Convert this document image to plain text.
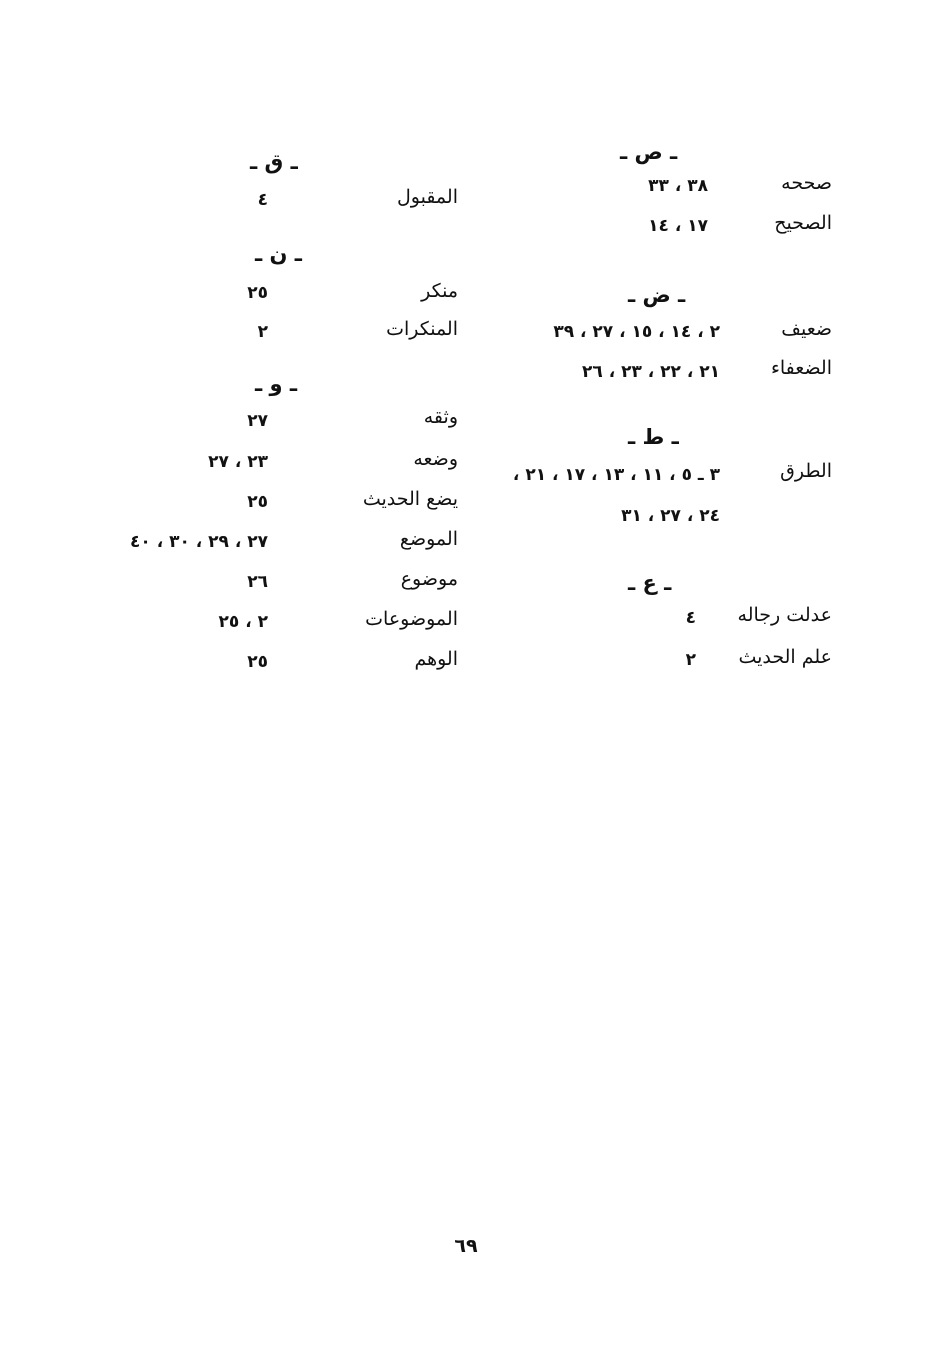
ـ ص ـ
صححه
٣٨ ، ٣٣
الصحيح
١٧ ، ١٤
ـ ض ـ
ضعيف
٢ ، ١٤ ، ١٥ ، ٢٧ ، ٣٩
الضعفاء
٢١ ، ٢٢ ، ٢٣ ، ٢٦
ـ ط ـ
الطرق
٣ ـ ٥ ، ١١ ، ١٣ ، ١٧ ، ٢١ ،
٢٤ ، ٢٧ ، ٣١
ـ ع ـ
عدلت رجاله
٤
علم الحديث
٢
ـ ق ـ
المقبول
٤
ـ ن ـ
منكر
٢٥
المنكرات
٢
ـ و ـ
وثقه
٢٧
وضعه
٢٣ ، ٢٧
يضع الحديث
٢٥
الموضع
٢٧ ، ٢٩ ، ٣٠ ، ٤٠
موضوع
٢٦
الموضوعات
٢ ، ٢٥
الوهم
٢٥
٦٩
